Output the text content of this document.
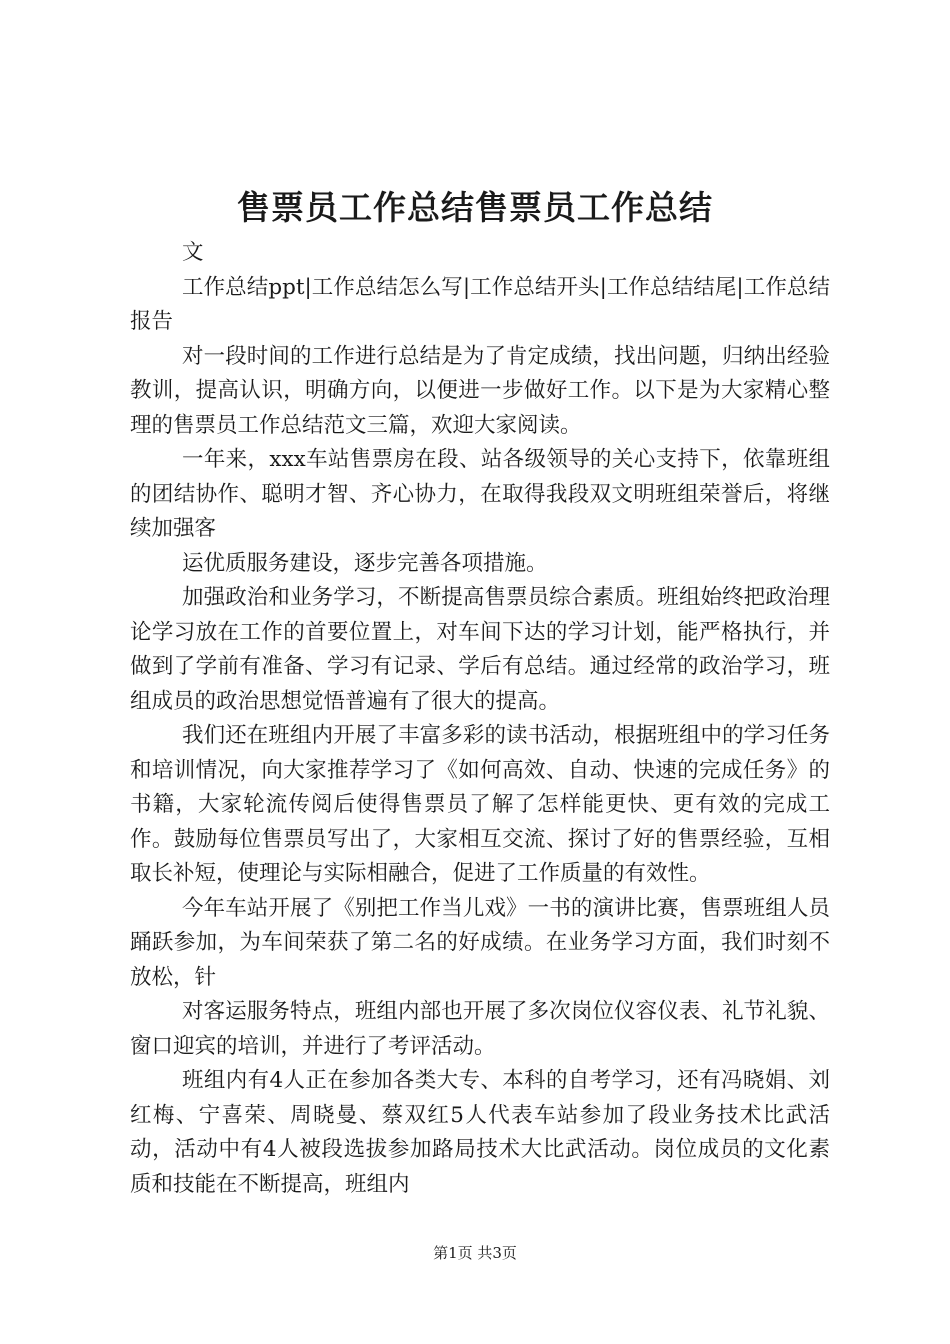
售票员工作总结售票员工作总结

文

工作总结ppt|工作总结怎么写|工作总结开头|工作总结结尾|工作总结报告

对一段时间的工作进行总结是为了肯定成绩，找出问题，归纳出经验教训，提高认识，明确方向，以便进一步做好工作。以下是为大家精心整理的售票员工作总结范文三篇，欢迎大家阅读。

一年来，xxx车站售票房在段、站各级领导的关心支持下，依靠班组的团结协作、聪明才智、齐心协力，在取得我段双文明班组荣誉后，将继续加强客

运优质服务建设，逐步完善各项措施。

加强政治和业务学习，不断提高售票员综合素质。班组始终把政治理论学习放在工作的首要位置上，对车间下达的学习计划，能严格执行，并做到了学前有准备、学习有记录、学后有总结。通过经常的政治学习，班组成员的政治思想觉悟普遍有了很大的提高。

我们还在班组内开展了丰富多彩的读书活动，根据班组中的学习任务和培训情况，向大家推荐学习了《如何高效、自动、快速的完成任务》的书籍，大家轮流传阅后使得售票员了解了怎样能更快、更有效的完成工作。鼓励每位售票员写出了，大家相互交流、探讨了好的售票经验，互相取长补短，使理论与实际相融合，促进了工作质量的有效性。

今年车站开展了《别把工作当儿戏》一书的演讲比赛，售票班组人员踊跃参加，为车间荣获了第二名的好成绩。在业务学习方面，我们时刻不放松，针

对客运服务特点，班组内部也开展了多次岗位仪容仪表、礼节礼貌、窗口迎宾的培训，并进行了考评活动。

班组内有4人正在参加各类大专、本科的自考学习，还有冯晓娟、刘红梅、宁喜荣、周晓曼、蔡双红5人代表车站参加了段业务技术比武活动，活动中有4人被段选拔参加路局技术大比武活动。岗位成员的文化素质和技能在不断提高，班组内

第1页 共3页
